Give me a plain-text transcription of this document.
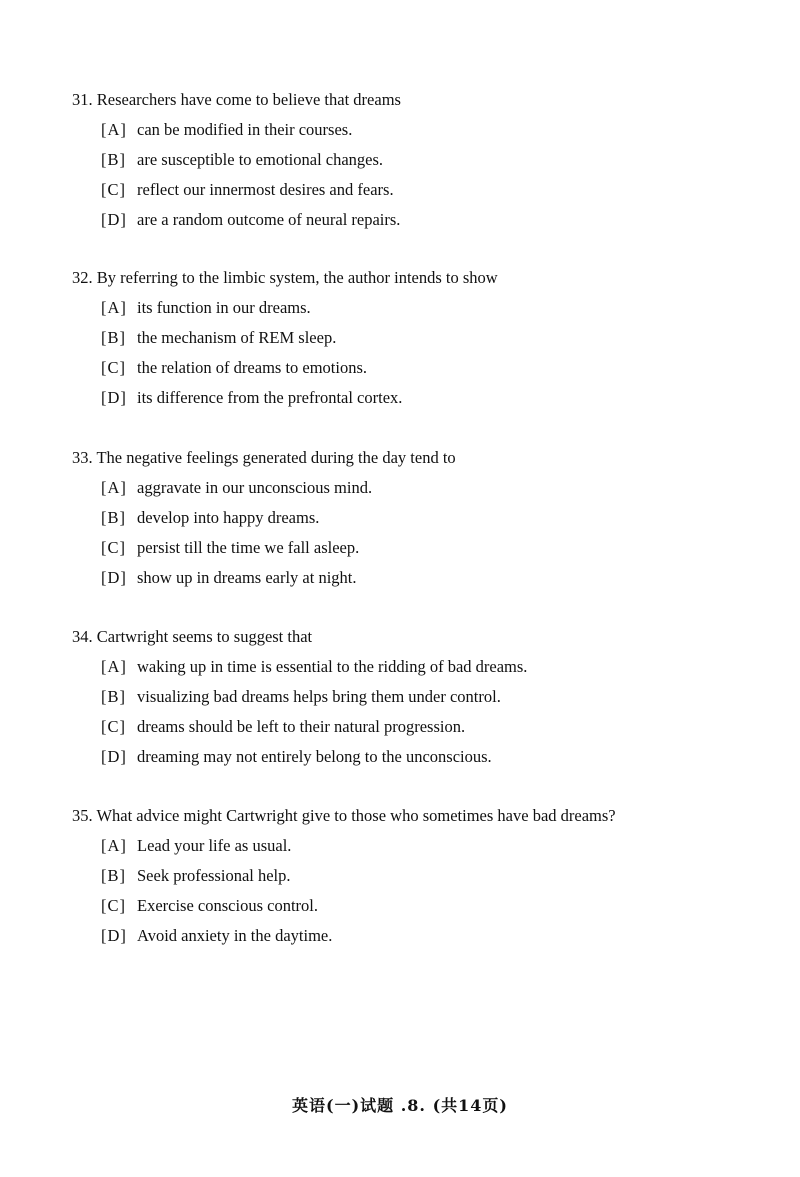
31. Researchers have come to believe that dreams
[A] can be modified in their courses.
[B] are susceptible to emotional changes.
[C] reflect our innermost desires and fears.
[D] are a random outcome of neural repairs.
32. By referring to the limbic system, the author intends to show
[A] its function in our dreams.
[B] the mechanism of REM sleep.
[C] the relation of dreams to emotions.
[D] its difference from the prefrontal cortex.
33. The negative feelings generated during the day tend to
[A] aggravate in our unconscious mind.
[B] develop into happy dreams.
[C] persist till the time we fall asleep.
[D] show up in dreams early at night.
34. Cartwright seems to suggest that
[A] waking up in time is essential to the ridding of bad dreams.
[B] visualizing bad dreams helps bring them under control.
[C] dreams should be left to their natural progression.
[D] dreaming may not entirely belong to the unconscious.
35. What advice might Cartwright give to those who sometimes have bad dreams?
[A] Lead your life as usual.
[B] Seek professional help.
[C] Exercise conscious control.
[D] Avoid anxiety in the daytime.
英语(一)试题 .8. (共14页)
